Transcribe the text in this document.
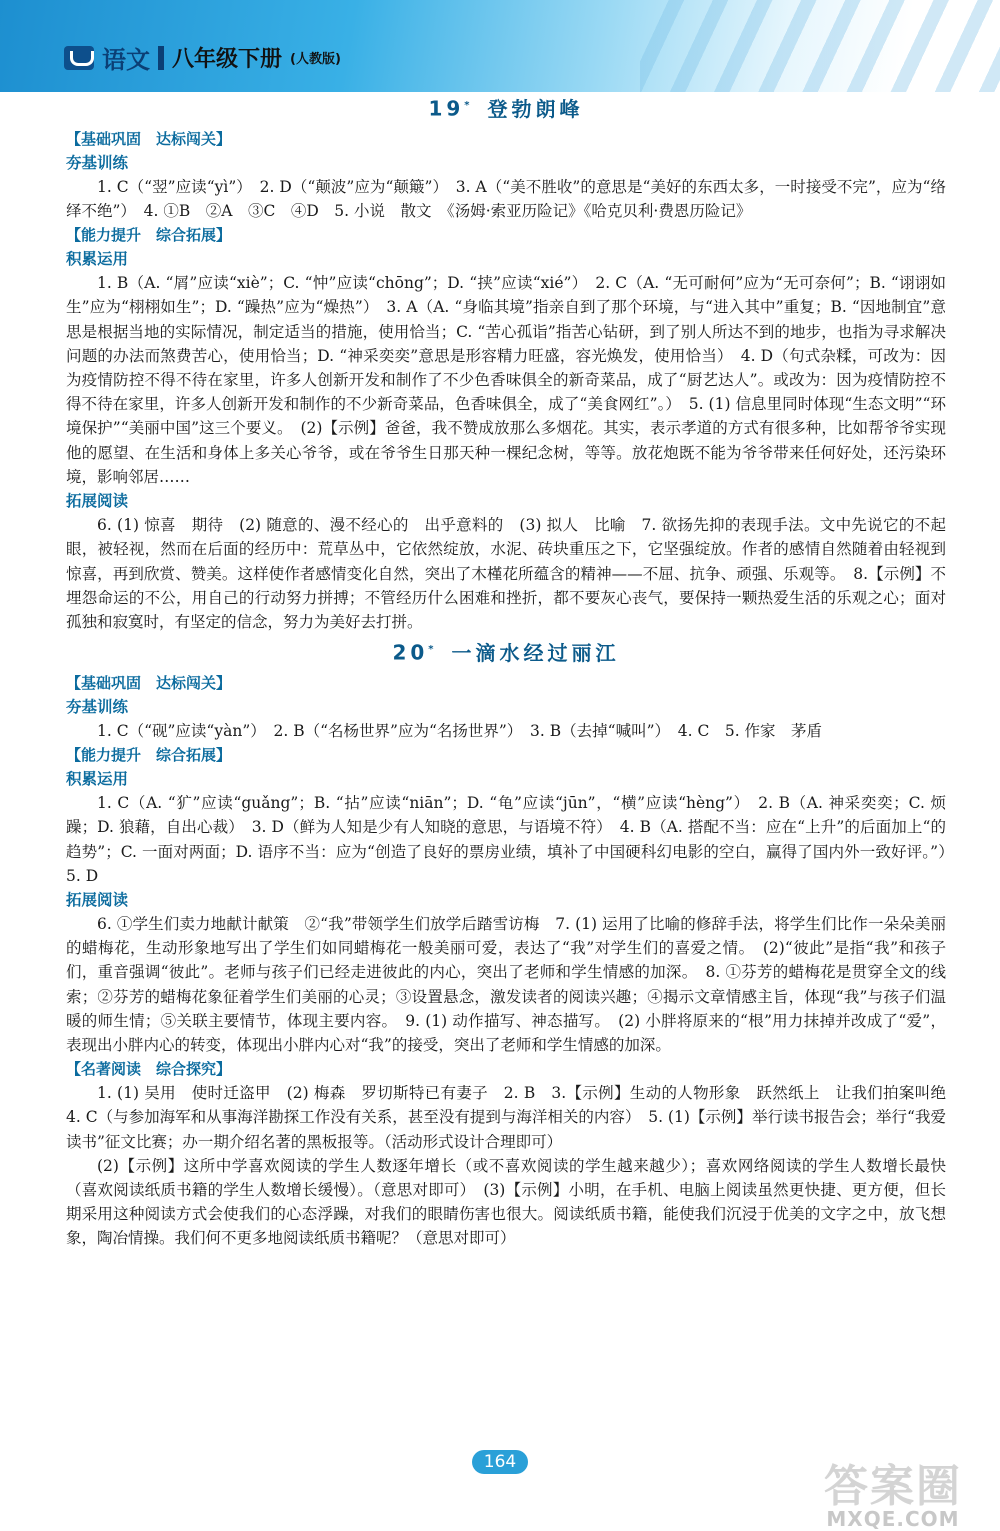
语文 八年级下册 (人教版)
19* 登勃朗峰
【基础巩固　达标闯关】
夯基训练

1. C（“翌”应读“yì”）　2. D（“颠波”应为“颠簸”）　3. A（“美不胜收”的意思是“美好的东西太多，一时接受不完”，应为“络绎不绝”）　4. ①B　②A　③C　④D　5. 小说　散文　《汤姆·索亚历险记》《哈克贝利·费恩历险记》

【能力提升　综合拓展】
积累运用

1. B（A. “屑”应读“xiè”；C. “忡”应读“chōng”；D. “挟”应读“xié”）　2. C（A. “无可耐何”应为“无可奈何”；B. “诩诩如生”应为“栩栩如生”；D. “躁热”应为“燥热”）　3. A（A. “身临其境”指亲自到了那个环境，与“进入其中”重复；B. “因地制宜”意思是根据当地的实际情况，制定适当的措施，使用恰当；C. “苦心孤诣”指苦心钻研，到了别人所达不到的地步，也指为寻求解决问题的办法而煞费苦心，使用恰当；D. “神采奕奕”意思是形容精力旺盛，容光焕发，使用恰当）　4. D（句式杂糅，可改为：因为疫情防控不得不待在家里，许多人创新开发和制作了不少色香味俱全的新奇菜品，成了“厨艺达人”。或改为：因为疫情防控不得不待在家里，许多人创新开发和制作的不少新奇菜品，色香味俱全，成了“美食网红”。）　5. (1) 信息里同时体现“生态文明”“环境保护”“美丽中国”这三个要义。　(2)【示例】爸爸，我不赞成放那么多烟花。其实，表示孝道的方式有很多种，比如帮爷爷实现他的愿望、在生活和身体上多关心爷爷，或在爷爷生日那天种一棵纪念树，等等。放花炮既不能为爷爷带来任何好处，还污染环境，影响邻居……

拓展阅读

6. (1) 惊喜　期待　(2) 随意的、漫不经心的　出乎意料的　(3) 拟人　比喻　7. 欲扬先抑的表现手法。文中先说它的不起眼，被轻视，然而在后面的经历中：荒草丛中，它依然绽放，水泥、砖块重压之下，它坚强绽放。作者的感情自然随着由轻视到惊喜，再到欣赏、赞美。这样使作者感情变化自然，突出了木槿花所蕴含的精神——不屈、抗争、顽强、乐观等。　8.【示例】不埋怨命运的不公，用自己的行动努力拼搏；不管经历什么困难和挫折，都不要灰心丧气，要保持一颗热爱生活的乐观之心；面对孤独和寂寞时，有坚定的信念，努力为美好去打拼。

20* 一滴水经过丽江
【基础巩固　达标闯关】
夯基训练

1. C（“砚”应读“yàn”）　2. B（“名杨世界”应为“名扬世界”）　3. B（去掉“喊叫”）　4. C　5. 作家　茅盾

【能力提升　综合拓展】
积累运用

1. C（A. “犷”应读“guǎng”；B. “拈”应读“niān”；D. “龟”应读“jūn”，“横”应读“hèng”）　2. B（A. 神采奕奕；C. 烦躁；D. 狼藉，自出心裁）　3. D（鲜为人知是少有人知晓的意思，与语境不符）　4. B（A. 搭配不当：应在“上升”的后面加上“的趋势”；C. 一面对两面；D. 语序不当：应为“创造了良好的票房业绩，填补了中国硬科幻电影的空白，赢得了国内外一致好评。”）　5. D

拓展阅读

6. ①学生们卖力地献计献策　②“我”带领学生们放学后踏雪访梅　7. (1) 运用了比喻的修辞手法，将学生们比作一朵朵美丽的蜡梅花，生动形象地写出了学生们如同蜡梅花一般美丽可爱，表达了“我”对学生们的喜爱之情。　(2)“彼此”是指“我”和孩子们，重音强调“彼此”。老师与孩子们已经走进彼此的内心，突出了老师和学生情感的加深。　8. ①芬芳的蜡梅花是贯穿全文的线索；②芬芳的蜡梅花象征着学生们美丽的心灵；③设置悬念，激发读者的阅读兴趣；④揭示文章情感主旨，体现“我”与孩子们温暖的师生情；⑤关联主要情节，体现主要内容。　9. (1) 动作描写、神态描写。　(2) 小胖将原来的“根”用力抹掉并改成了“爱”，表现出小胖内心的转变，体现出小胖内心对“我”的接受，突出了老师和学生情感的加深。

【名著阅读　综合探究】

1. (1) 吴用　使时迁盗甲　(2) 梅森　罗切斯特已有妻子　2. B　3.【示例】生动的人物形象　跃然纸上　让我们拍案叫绝　4. C（与参加海军和从事海洋勘探工作没有关系，甚至没有提到与海洋相关的内容）　5. (1)【示例】举行读书报告会；举行“我爱读书”征文比赛；办一期介绍名著的黑板报等。（活动形式设计合理即可）

(2)【示例】这所中学喜欢阅读的学生人数逐年增长（或不喜欢阅读的学生越来越少）；喜欢网络阅读的学生人数增长最快（喜欢阅读纸质书籍的学生人数增长缓慢）。（意思对即可）　(3)【示例】小明，在手机、电脑上阅读虽然更快捷、更方便，但长期采用这种阅读方式会使我们的心态浮躁，对我们的眼睛伤害也很大。阅读纸质书籍，能使我们沉浸于优美的文字之中，放飞想象，陶冶情操。我们何不更多地阅读纸质书籍呢？（意思对即可）

164	答案圈
MXQE.COM
